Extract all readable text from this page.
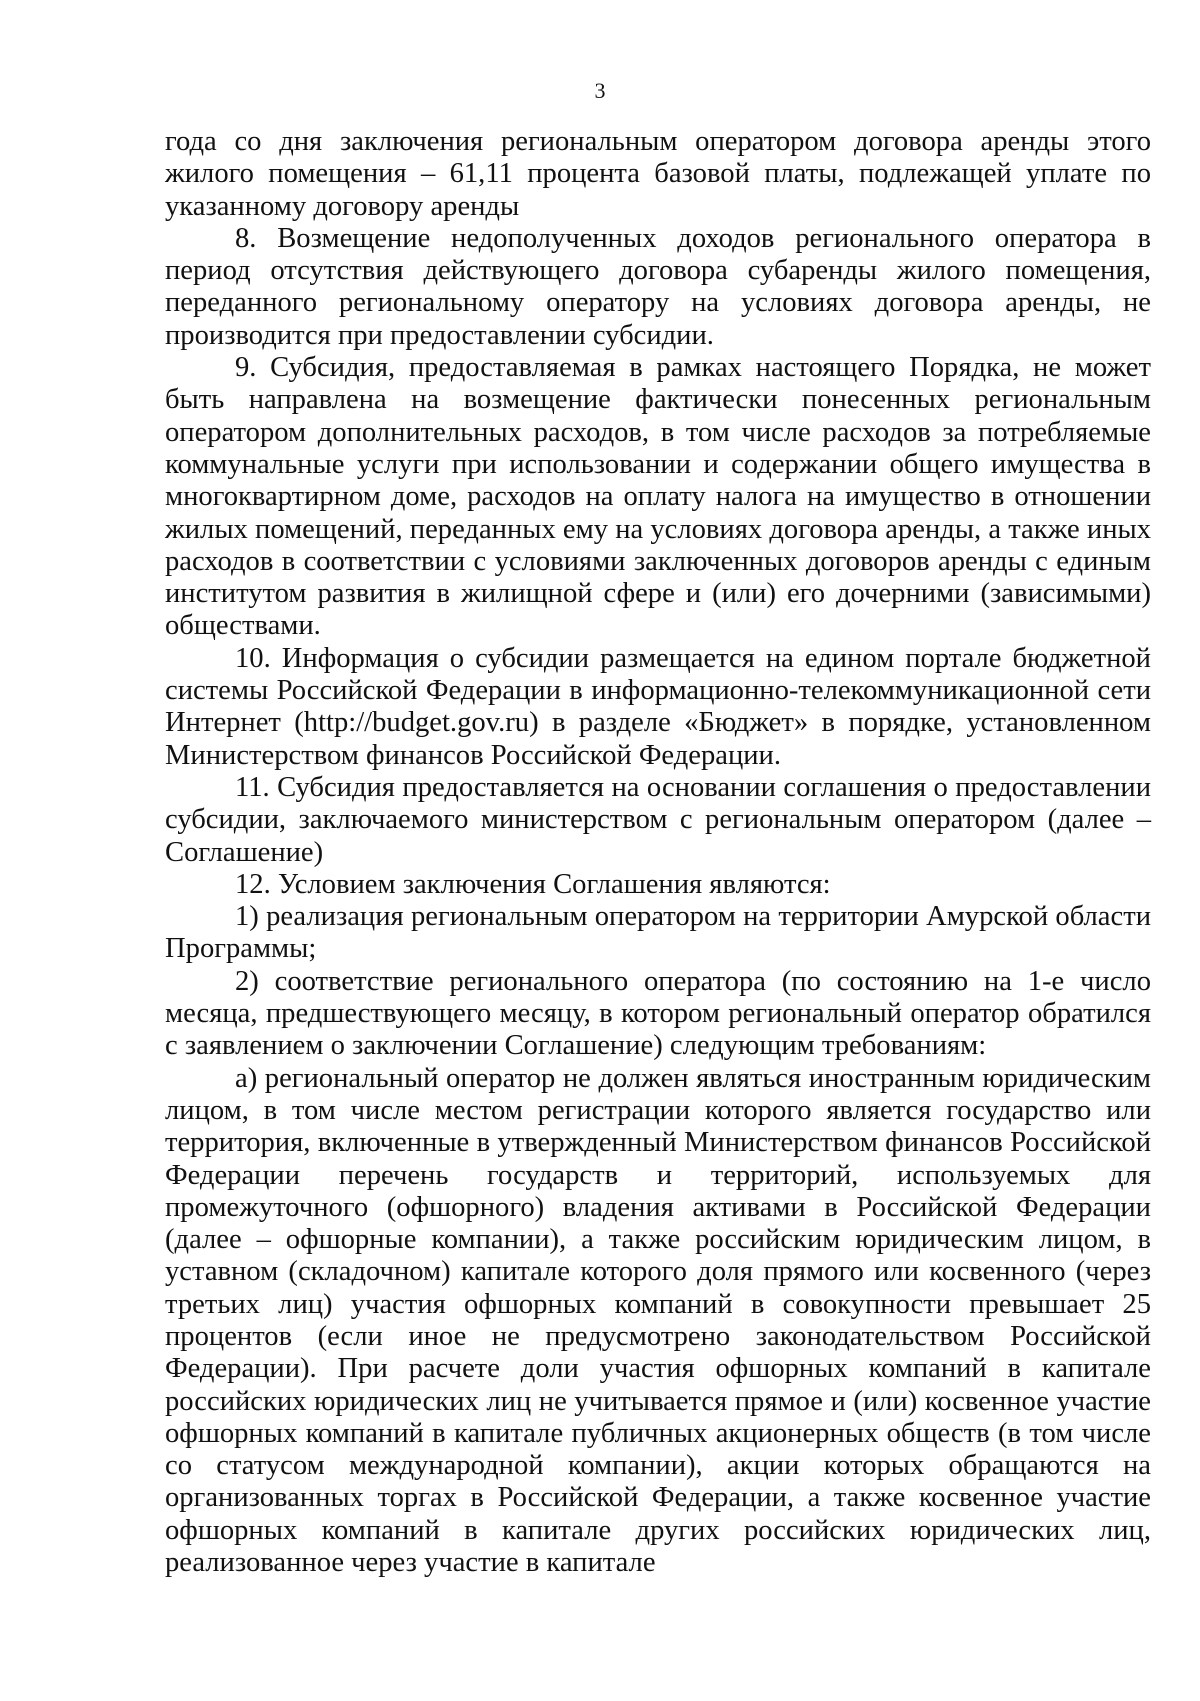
3

года со дня заключения региональным оператором договора аренды этого жилого помещения – 61,11 процента базовой платы, подлежащей уплате по указанному договору аренды

8. Возмещение недополученных доходов регионального оператора в период отсутствия действующего договора субаренды жилого помещения, переданного региональному оператору на условиях договора аренды, не производится при предоставлении субсидии.

9. Субсидия, предоставляемая в рамках настоящего Порядка, не может быть направлена на возмещение фактически понесенных региональным оператором дополнительных расходов, в том числе расходов за потребляемые коммунальные услуги при использовании и содержании общего имущества в многоквартирном доме, расходов на оплату налога на имущество в отношении жилых помещений, переданных ему на условиях договора аренды, а также иных расходов в соответствии с условиями заключенных договоров аренды с единым институтом развития в жилищной сфере и (или) его дочерними (зависимыми) обществами.

10. Информация о субсидии размещается на едином портале бюджетной системы Российской Федерации в информационно-телекоммуникационной сети Интернет (http://budget.gov.ru) в разделе «Бюджет» в порядке, установленном Министерством финансов Российской Федерации.

11. Субсидия предоставляется на основании соглашения о предоставлении субсидии, заключаемого министерством с региональным оператором (далее – Соглашение)

12. Условием заключения Соглашения являются:

1) реализация региональным оператором на территории Амурской области Программы;

2) соответствие регионального оператора (по состоянию на 1-е число месяца, предшествующего месяцу, в котором региональный оператор обратился с заявлением о заключении Соглашение) следующим требованиям:

а) региональный оператор не должен являться иностранным юридическим лицом, в том числе местом регистрации которого является государство или территория, включенные в утвержденный Министерством финансов Российской Федерации перечень государств и территорий, используемых для промежуточного (офшорного) владения активами в Российской Федерации (далее – офшорные компании), а также российским юридическим лицом, в уставном (складочном) капитале которого доля прямого или косвенного (через третьих лиц) участия офшорных компаний в совокупности превышает 25 процентов (если иное не предусмотрено законодательством Российской Федерации). При расчете доли участия офшорных компаний в капитале российских юридических лиц не учитывается прямое и (или) косвенное участие офшорных компаний в капитале публичных акционерных обществ (в том числе со статусом международной компании), акции которых обращаются на организованных торгах в Российской Федерации, а также косвенное участие офшорных компаний в капитале других российских юридических лиц, реализованное через участие в капитале
